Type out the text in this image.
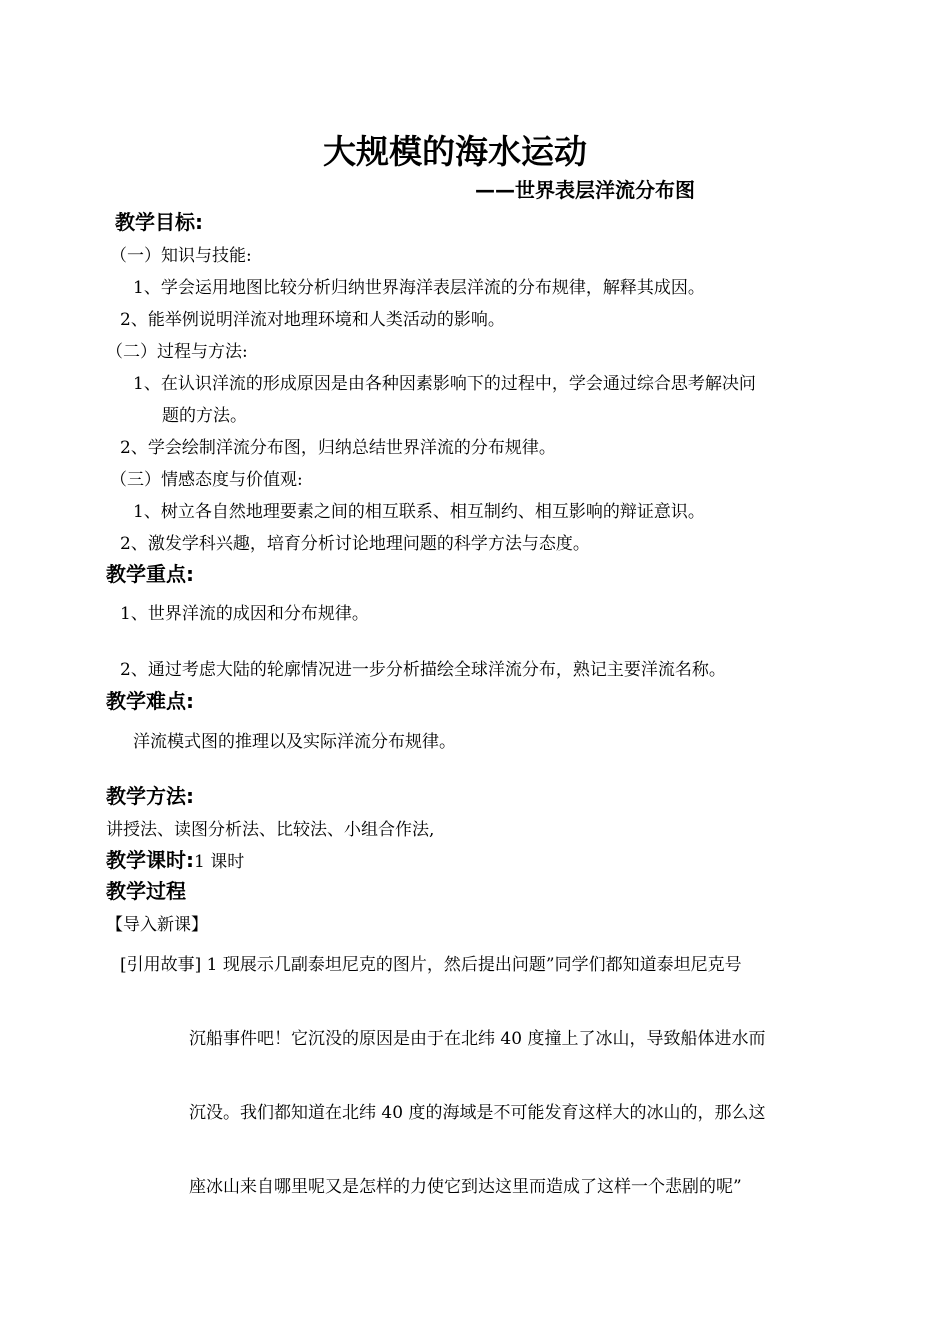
大规模的海水运动
——世界表层洋流分布图
教学目标:
（一）知识与技能:
1、学会运用地图比较分析归纳世界海洋表层洋流的分布规律，解释其成因。
2、能举例说明洋流对地理环境和人类活动的影响。
（二）过程与方法:
1、在认识洋流的形成原因是由各种因素影响下的过程中，学会通过综合思考解决问
题的方法。
2、学会绘制洋流分布图，归纳总结世界洋流的分布规律。
（三）情感态度与价值观:
1、树立各自然地理要素之间的相互联系、相互制约、相互影响的辩证意识。
2、激发学科兴趣，培育分析讨论地理问题的科学方法与态度。
教学重点:
1、世界洋流的成因和分布规律。
2、通过考虑大陆的轮廓情况进一步分析描绘全球洋流分布，熟记主要洋流名称。
教学难点:
洋流模式图的推理以及实际洋流分布规律。
教学方法:
讲授法、读图分析法、比较法、小组合作法,
教学课时:1 课时
教学过程
【导入新课】
[引用故事] 1 现展示几副泰坦尼克的图片，然后提出问题”同学们都知道泰坦尼克号
沉船事件吧！它沉没的原因是由于在北纬 40 度撞上了冰山，导致船体进水而
沉没。我们都知道在北纬 40 度的海域是不可能发育这样大的冰山的，那么这
座冰山来自哪里呢又是怎样的力使它到达这里而造成了这样一个悲剧的呢”
